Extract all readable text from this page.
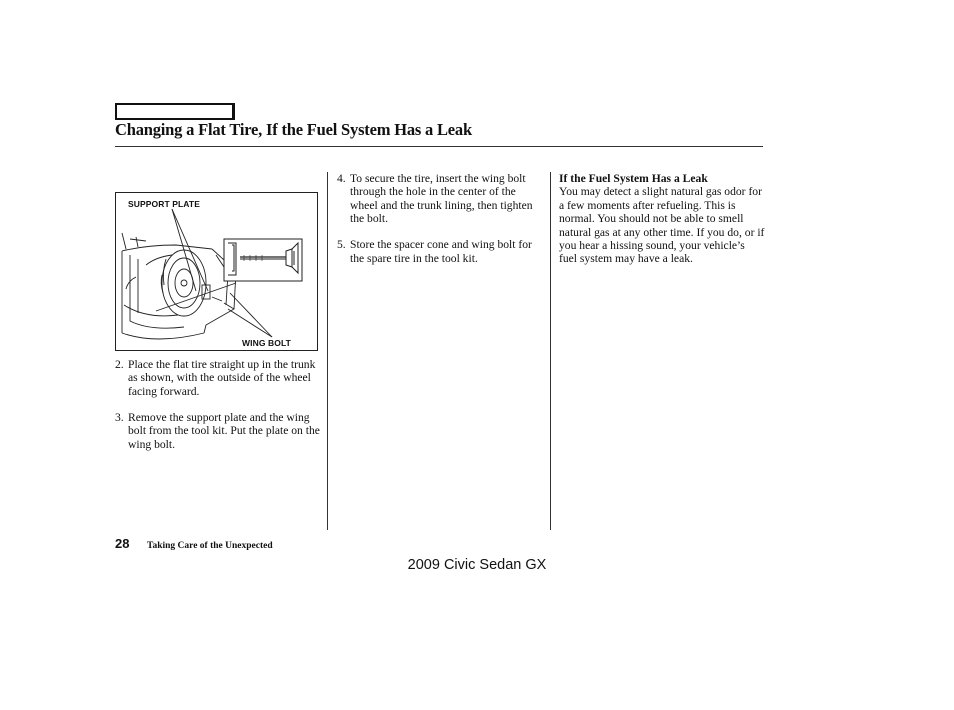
Changing a Flat Tire, If the Fuel System Has a Leak
SUPPORT PLATE
WING BOLT
2. Place the flat tire straight up in the trunk as shown, with the outside of the wheel facing forward.
3. Remove the support plate and the wing bolt from the tool kit. Put the plate on the wing bolt.
4. To secure the tire, insert the wing bolt through the hole in the center of the wheel and the trunk lining, then tighten the bolt.
5. Store the spacer cone and wing bolt for the spare tire in the tool kit.
If the Fuel System Has a Leak
You may detect a slight natural gas odor for a few moments after refueling. This is normal. You should not be able to smell natural gas at any other time. If you do, or if you hear a hissing sound, your vehicle’s fuel system may have a leak.
28 Taking Care of the Unexpected
2009 Civic Sedan GX
